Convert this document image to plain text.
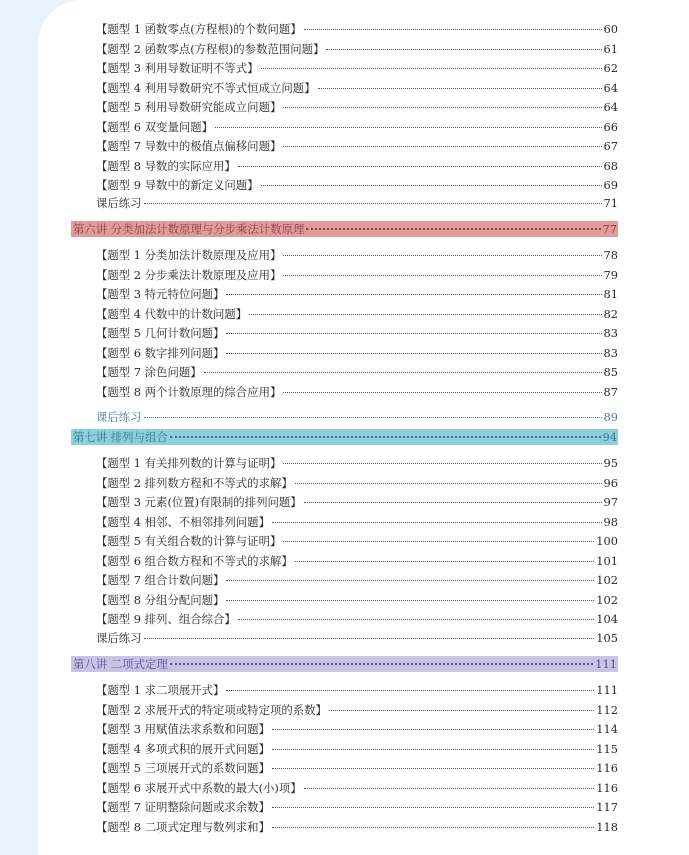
【题型 1 函数零点(方程根)的个数问题】	60
【题型 2 函数零点(方程根)的参数范围问题】	61
【题型 3 利用导数证明不等式】	62
【题型 4 利用导数研究不等式恒成立问题】	64
【题型 5 利用导数研究能成立问题】	64
【题型 6 双变量问题】	66
【题型 7 导数中的极值点偏移问题】	67
【题型 8 导数的实际应用】	68
【题型 9 导数中的新定义问题】	69
课后练习	71
第六讲 分类加法计数原理与分步乘法计数原理	77
【题型 1 分类加法计数原理及应用】	78
【题型 2 分步乘法计数原理及应用】	79
【题型 3 特元特位问题】	81
【题型 4 代数中的计数问题】	82
【题型 5 几何计数问题】	83
【题型 6 数字排列问题】	83
【题型 7 涂色问题】	85
【题型 8 两个计数原理的综合应用】	87
课后练习	89
第七讲 排列与组合	94
【题型 1 有关排列数的计算与证明】	95
【题型 2 排列数方程和不等式的求解】	96
【题型 3 元素(位置)有限制的排列问题】	97
【题型 4 相邻、不相邻排列问题】	98
【题型 5 有关组合数的计算与证明】	100
【题型 6 组合数方程和不等式的求解】	101
【题型 7 组合计数问题】	102
【题型 8 分组分配问题】	102
【题型 9 排列、组合综合】	104
课后练习	105
第八讲 二项式定理	111
【题型 1 求二项展开式】	111
【题型 2 求展开式的特定项或特定项的系数】	112
【题型 3 用赋值法求系数和问题】	114
【题型 4 多项式积的展开式问题】	115
【题型 5 三项展开式的系数问题】	116
【题型 6 求展开式中系数的最大(小)项】	116
【题型 7 证明整除问题或求余数】	117
【题型 8 二项式定理与数列求和】	118
